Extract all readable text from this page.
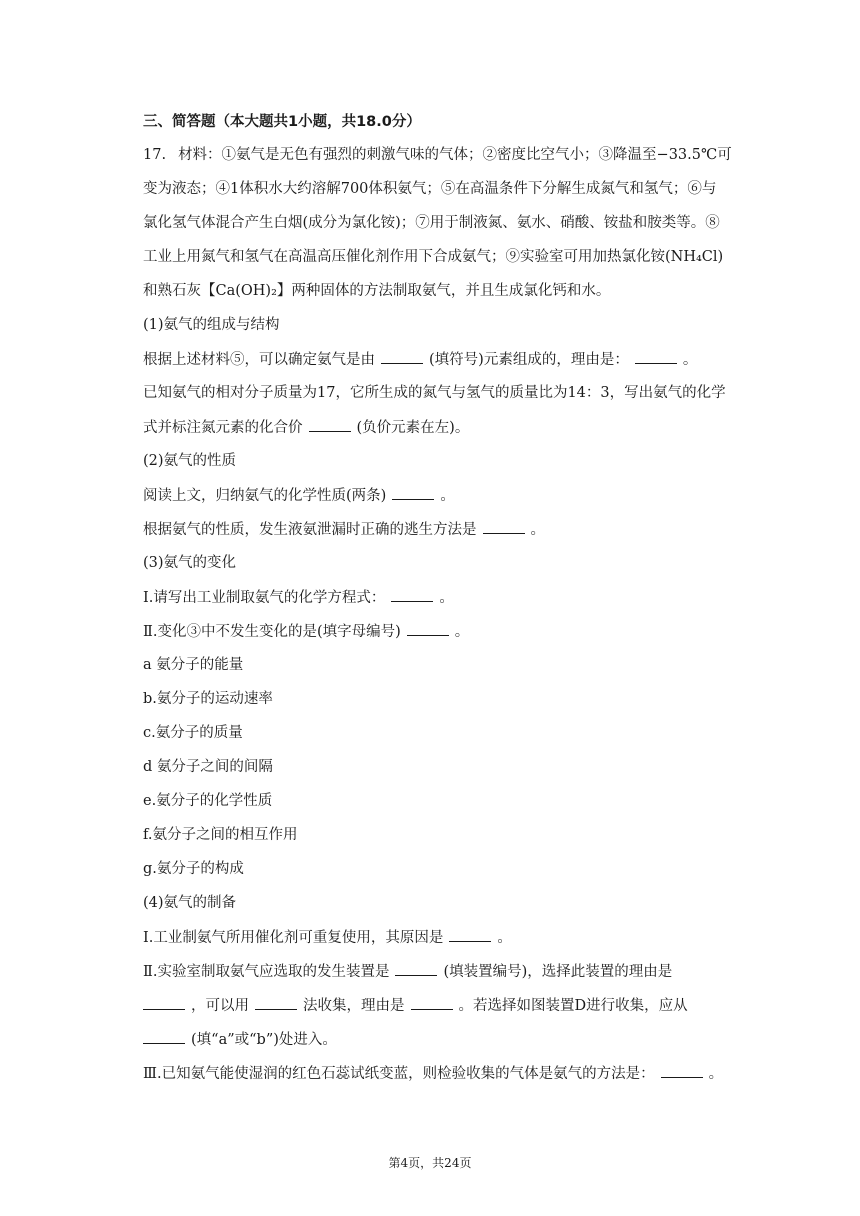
三、简答题（本大题共1小题，共18.0分）
17. 材料：①氨气是无色有强烈的刺激气味的气体；②密度比空气小；③降温至−33.5℃可
变为液态；④1体积水大约溶解700体积氨气；⑤在高温条件下分解生成氮气和氢气；⑥与
氯化氢气体混合产生白烟(成分为氯化铵)；⑦用于制液氮、氨水、硝酸、铵盐和胺类等。⑧
工业上用氮气和氢气在高温高压催化剂作用下合成氨气；⑨实验室可用加热氯化铵(NH₄Cl)
和熟石灰【Ca(OH)₂】两种固体的方法制取氨气，并且生成氯化钙和水。
(1)氨气的组成与结构
根据上述材料⑤，可以确定氨气是由	(填符号)元素组成的，理由是：	。
已知氨气的相对分子质量为17，它所生成的氮气与氢气的质量比为14：3，写出氨气的化学
式并标注氮元素的化合价	(负价元素在左)。
(2)氨气的性质
阅读上文，归纳氨气的化学性质(两条)	。
根据氨气的性质，发生液氨泄漏时正确的逃生方法是	。
(3)氨气的变化
Ⅰ.请写出工业制取氨气的化学方程式：	。
Ⅱ.变化③中不发生变化的是(填字母编号)	。
a 氨分子的能量
b.氨分子的运动速率
c.氨分子的质量
d 氨分子之间的间隔
e.氨分子的化学性质
f.氨分子之间的相互作用
g.氨分子的构成
(4)氨气的制备
Ⅰ.工业制氨气所用催化剂可重复使用，其原因是	。
Ⅱ.实验室制取氨气应选取的发生装置是	(填装置编号)，选择此装置的理由是
，可以用	法收集，理由是	。若选择如图装置D进行收集，应从
(填“a”或“b”)处进入。
Ⅲ.已知氨气能使湿润的红色石蕊试纸变蓝，则检验收集的气体是氨气的方法是：	。
第4页，共24页
